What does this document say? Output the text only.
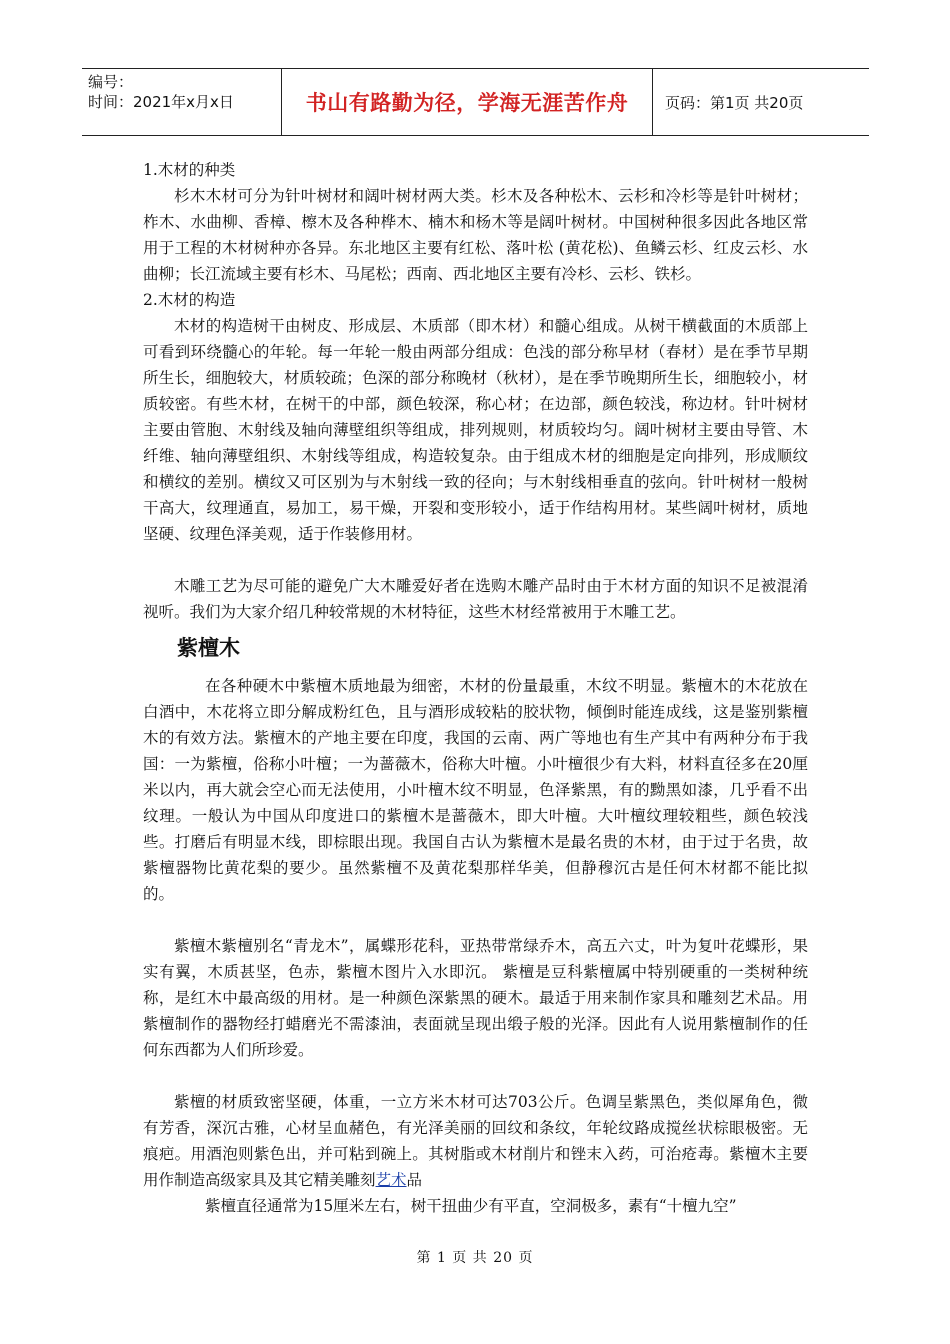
编号：
时间：2021年x月x日	书山有路勤为径，学海无涯苦作舟	页码：第1页 共20页

1.木材的种类

杉木木材可分为针叶树材和阔叶树材两大类。杉木及各种松木、云杉和冷杉等是针叶树材；柞木、水曲柳、香樟、檫木及各种桦木、楠木和杨木等是阔叶树材。中国树种很多因此各地区常用于工程的木材树种亦各异。东北地区主要有红松、落叶松 (黄花松)、鱼鳞云杉、红皮云杉、水曲柳；长江流域主要有杉木、马尾松；西南、西北地区主要有冷杉、云杉、铁杉。

2.木材的构造

木材的构造树干由树皮、形成层、木质部（即木材）和髓心组成。从树干横截面的木质部上可看到环绕髓心的年轮。每一年轮一般由两部分组成：色浅的部分称早材（春材）是在季节早期所生长，细胞较大，材质较疏；色深的部分称晚材（秋材），是在季节晚期所生长，细胞较小，材质较密。有些木材，在树干的中部，颜色较深，称心材；在边部，颜色较浅，称边材。针叶树材主要由管胞、木射线及轴向薄壁组织等组成，排列规则，材质较均匀。阔叶树材主要由导管、木纤维、轴向薄壁组织、木射线等组成，构造较复杂。由于组成木材的细胞是定向排列，形成顺纹和横纹的差别。横纹又可区别为与木射线一致的径向；与木射线相垂直的弦向。针叶树材一般树干高大，纹理通直，易加工，易干燥，开裂和变形较小，适于作结构用材。某些阔叶树材，质地坚硬、纹理色泽美观，适于作装修用材。

木雕工艺为尽可能的避免广大木雕爱好者在选购木雕产品时由于木材方面的知识不足被混淆视听。我们为大家介绍几种较常规的木材特征，这些木材经常被用于木雕工艺。

紫檀木

在各种硬木中紫檀木质地最为细密，木材的份量最重，木纹不明显。紫檀木的木花放在白酒中，木花将立即分解成粉红色，且与酒形成较粘的胶状物，倾倒时能连成线，这是鉴别紫檀木的有效方法。紫檀木的产地主要在印度，我国的云南、两广等地也有生产其中有两种分布于我国：一为紫檀，俗称小叶檀；一为蔷薇木，俗称大叶檀。小叶檀很少有大料，材料直径多在20厘米以内，再大就会空心而无法使用，小叶檀木纹不明显，色泽紫黑，有的黝黑如漆，几乎看不出纹理。一般认为中国从印度进口的紫檀木是蔷薇木，即大叶檀。大叶檀纹理较粗些，颜色较浅些。打磨后有明显木线，即棕眼出现。我国自古认为紫檀木是最名贵的木材，由于过于名贵，故紫檀器物比黄花梨的要少。虽然紫檀不及黄花梨那样华美，但静穆沉古是任何木材都不能比拟的。

紫檀木紫檀别名“青龙木”，属蝶形花科，亚热带常绿乔木，高五六丈，叶为复叶花蝶形，果实有翼，木质甚坚，色赤，紫檀木图片入水即沉。 紫檀是豆科紫檀属中特别硬重的一类树种统称，是红木中最高级的用材。是一种颜色深紫黑的硬木。最适于用来制作家具和雕刻艺术品。用紫檀制作的器物经打蜡磨光不需漆油，表面就呈现出缎子般的光泽。因此有人说用紫檀制作的任何东西都为人们所珍爱。

紫檀的材质致密坚硬，体重，一立方米木材可达703公斤。色调呈紫黑色，类似犀角色，微有芳香，深沉古雅，心材呈血赭色，有光泽美丽的回纹和条纹，年轮纹路成搅丝状棕眼极密。无痕疤。用酒泡则紫色出，并可粘到碗上。其树脂或木材削片和锉末入药，可治疮毒。紫檀木主要用作制造高级家具及其它精美雕刻艺术品

紫檀直径通常为15厘米左右，树干扭曲少有平直，空洞极多，素有“十檀九空”

第 1 页 共 20 页
